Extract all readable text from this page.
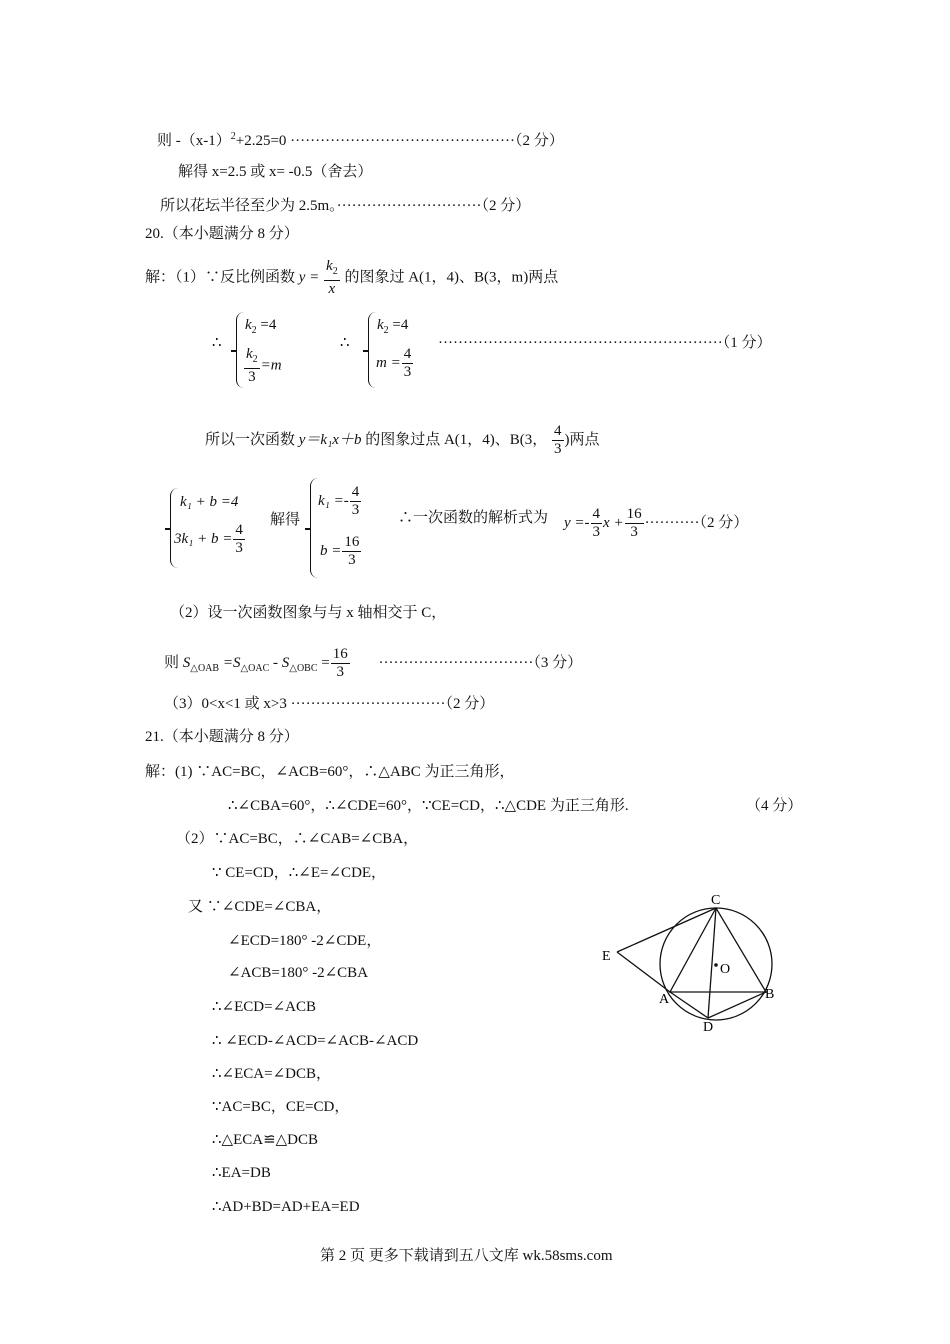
则 $-(x-1)^2+2.25=0 \cdot\cdot\cdot\cdot\cdot\cdot\cdot\cdot\cdot\cdot\cdot\cdot\cdot\cdot\cdot\cdot\cdot\cdot\cdot\cdot\cdot\cdot\cdot\cdot\cdot\cdot\cdot\cdot\cdot\cdot\cdot\cdot\cdot\cdot\cdot\cdot\cdot\cdot\cdot\cdot\cdot\cdot\cdot\cdot\cdot(2$ 分）
解得 x=2.5 或 x= -0.5（舍去）
所以花坛半径至少为 2.5m。·····························（2 分）
20.（本小题满分 8 分）
解：（1）∵反比例函数 $y = \frac{k_2}{x}$ 的图象过 A(1，4)、B(3，m)两点
∴
$k_2 =4$
$\frac{k_2}{3} =m$
∴
$k_2 =4$
$m = \frac{4}{3}$
·························································（1 分）
所以一次函数 y＝k₁x＋b 的图象过点 A(1，4)、B(3， $\frac{4}{3}$ )两点
k₁ + b =4
$3k_1 + b = \frac{4}{3}$
解得
$k_1 =- \frac{4}{3}$
$b = \frac{16}{3}$
∴一次函数的解析式为 $y =- \frac{4}{3}$ $x + \frac{16}{3} \cdot\cdot\cdot\cdot\cdot\cdot\cdot\cdot\cdot\cdot\cdot(2$ 分）
（2）设一次函数图象与与 x 轴相交于 C，
则 $S_{\triangle OAB} =S_{\triangle OAC} - S_{\triangle OBC} = \frac{16}{3} \cdot\cdot\cdot\cdot\cdot\cdot\cdot\cdot\cdot\cdot\cdot\cdot\cdot\cdot\cdot\cdot\cdot\cdot\cdot\cdot\cdot\cdot\cdot\cdot\cdot\cdot\cdot\cdot\cdot\cdot\cdot(3$ 分）
（3）0<x<1 或 x>3 ·······························（2 分）
21.（本小题满分 8 分）
解：(1) ∵AC=BC，∠ACB=60°，∴△ABC 为正三角形，
∴∠CBA=60°，∴∠CDE=60°，∵CE=CD，∴△CDE 为正三角形.	（4 分）
（2）∵AC=BC，∴∠CAB=∠CBA，
∵ CE=CD，∴∠E=∠CDE，
又 ∵∠CDE=∠CBA，
∠ECD=180° -2∠CDE，
∠ACB=180° -2∠CBA
∴∠ECD=∠ACB
∴ ∠ECD-∠ACD=∠ACB-∠ACD
∴∠ECA=∠DCB，
∵AC=BC，CE=CD，
∴△ECA≌△DCB
∴EA=DB
∴AD+BD=AD+EA=ED
C
E
O
A	B
D
第 2 页 更多下载请到五八文库 wk.58sms.com
